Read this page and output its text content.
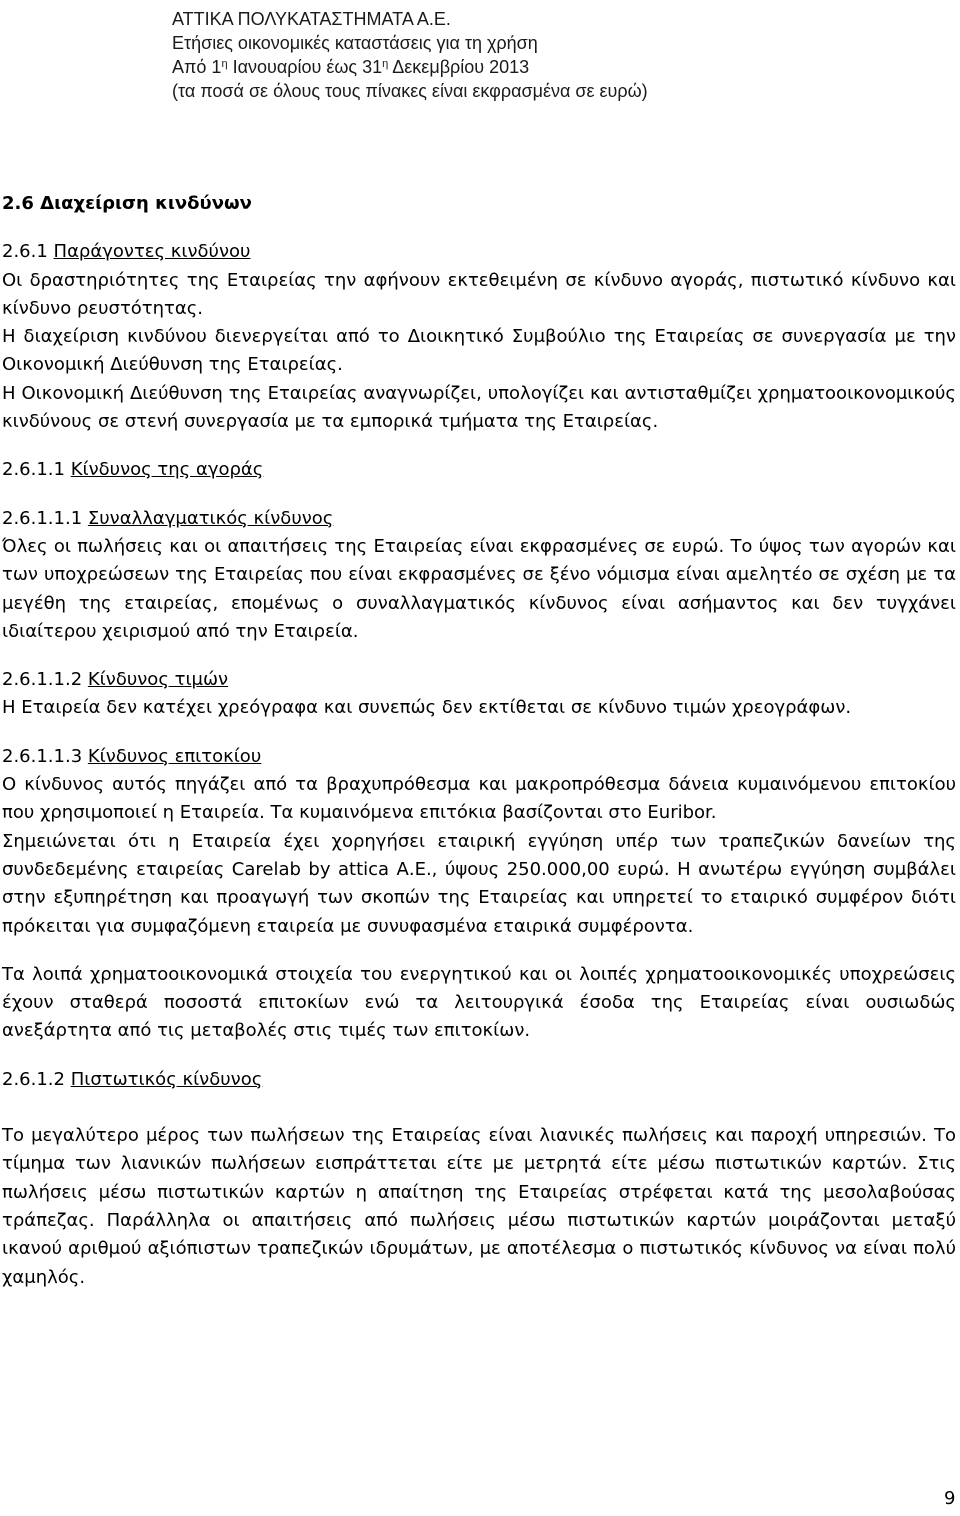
ΑΤΤΙΚΑ ΠΟΛΥΚΑΤΑΣΤΗΜΑΤΑ Α.Ε.
Ετήσιες οικονομικές καταστάσεις για τη χρήση
Από $1^\eta$ Ιανουαρίου έως $31^\eta$ Δεκεμβρίου 2013
(τα ποσά σε όλους τους πίνακες είναι εκφρασμένα σε ευρώ)

2.6 Διαχείριση κινδύνων

2.6.1 Παράγοντες κινδύνου

Οι δραστηριότητες της Εταιρείας την αφήνουν εκτεθειμένη σε κίνδυνο αγοράς, πιστωτικό κίνδυνο και κίνδυνο ρευστότητας.

Η διαχείριση κινδύνου διενεργείται από το Διοικητικό Συμβούλιο της Εταιρείας σε συνεργασία με την Οικονομική Διεύθυνση της Εταιρείας.

Η Οικονομική Διεύθυνση της Εταιρείας αναγνωρίζει, υπολογίζει και αντισταθμίζει χρηματοοικονομικούς κινδύνους σε στενή συνεργασία με τα εμπορικά τμήματα της Εταιρείας.

2.6.1.1 Κίνδυνος της αγοράς

2.6.1.1.1 Συναλλαγματικός κίνδυνος

Όλες οι πωλήσεις και οι απαιτήσεις της Εταιρείας είναι εκφρασμένες σε ευρώ. Το ύψος των αγορών και των υποχρεώσεων της Εταιρείας που είναι εκφρασμένες σε ξένο νόμισμα είναι αμελητέο σε σχέση με τα μεγέθη της εταιρείας, επομένως ο συναλλαγματικός κίνδυνος είναι ασήμαντος και δεν τυγχάνει ιδιαίτερου χειρισμού από την Εταιρεία.

2.6.1.1.2 Κίνδυνος τιμών

Η Εταιρεία δεν κατέχει χρεόγραφα και συνεπώς δεν εκτίθεται σε κίνδυνο τιμών χρεογράφων.

2.6.1.1.3 Κίνδυνος επιτοκίου

Ο κίνδυνος αυτός πηγάζει από τα βραχυπρόθεσμα και μακροπρόθεσμα δάνεια κυμαινόμενου επιτοκίου που χρησιμοποιεί η Εταιρεία. Τα κυμαινόμενα επιτόκια βασίζονται στο Euribor.

Σημειώνεται ότι η Εταιρεία έχει χορηγήσει εταιρική εγγύηση υπέρ των τραπεζικών δανείων της συνδεδεμένης εταιρείας Carelab by attica Α.Ε., ύψους 250.000,00 ευρώ. Η ανωτέρω εγγύηση συμβάλει στην εξυπηρέτηση και προαγωγή των σκοπών της Εταιρείας και υπηρετεί το εταιρικό συμφέρον διότι πρόκειται για συμφαζόμενη εταιρεία με συνυφασμένα εταιρικά συμφέροντα.

Τα λοιπά χρηματοοικονομικά στοιχεία του ενεργητικού και οι λοιπές χρηματοοικονομικές υποχρεώσεις έχουν σταθερά ποσοστά επιτοκίων ενώ τα λειτουργικά έσοδα της Εταιρείας είναι ουσιωδώς ανεξάρτητα από τις μεταβολές στις τιμές των επιτοκίων.

2.6.1.2 Πιστωτικός κίνδυνος

Το μεγαλύτερο μέρος των πωλήσεων της Εταιρείας είναι λιανικές πωλήσεις και παροχή υπηρεσιών. Το τίμημα των λιανικών πωλήσεων εισπράττεται είτε με μετρητά είτε μέσω πιστωτικών καρτών. Στις πωλήσεις μέσω πιστωτικών καρτών η απαίτηση της Εταιρείας στρέφεται κατά της μεσολαβούσας τράπεζας. Παράλληλα οι απαιτήσεις από πωλήσεις μέσω πιστωτικών καρτών μοιράζονται μεταξύ ικανού αριθμού αξιόπιστων τραπεζικών ιδρυμάτων, με αποτέλεσμα ο πιστωτικός κίνδυνος να είναι πολύ χαμηλός.

9
